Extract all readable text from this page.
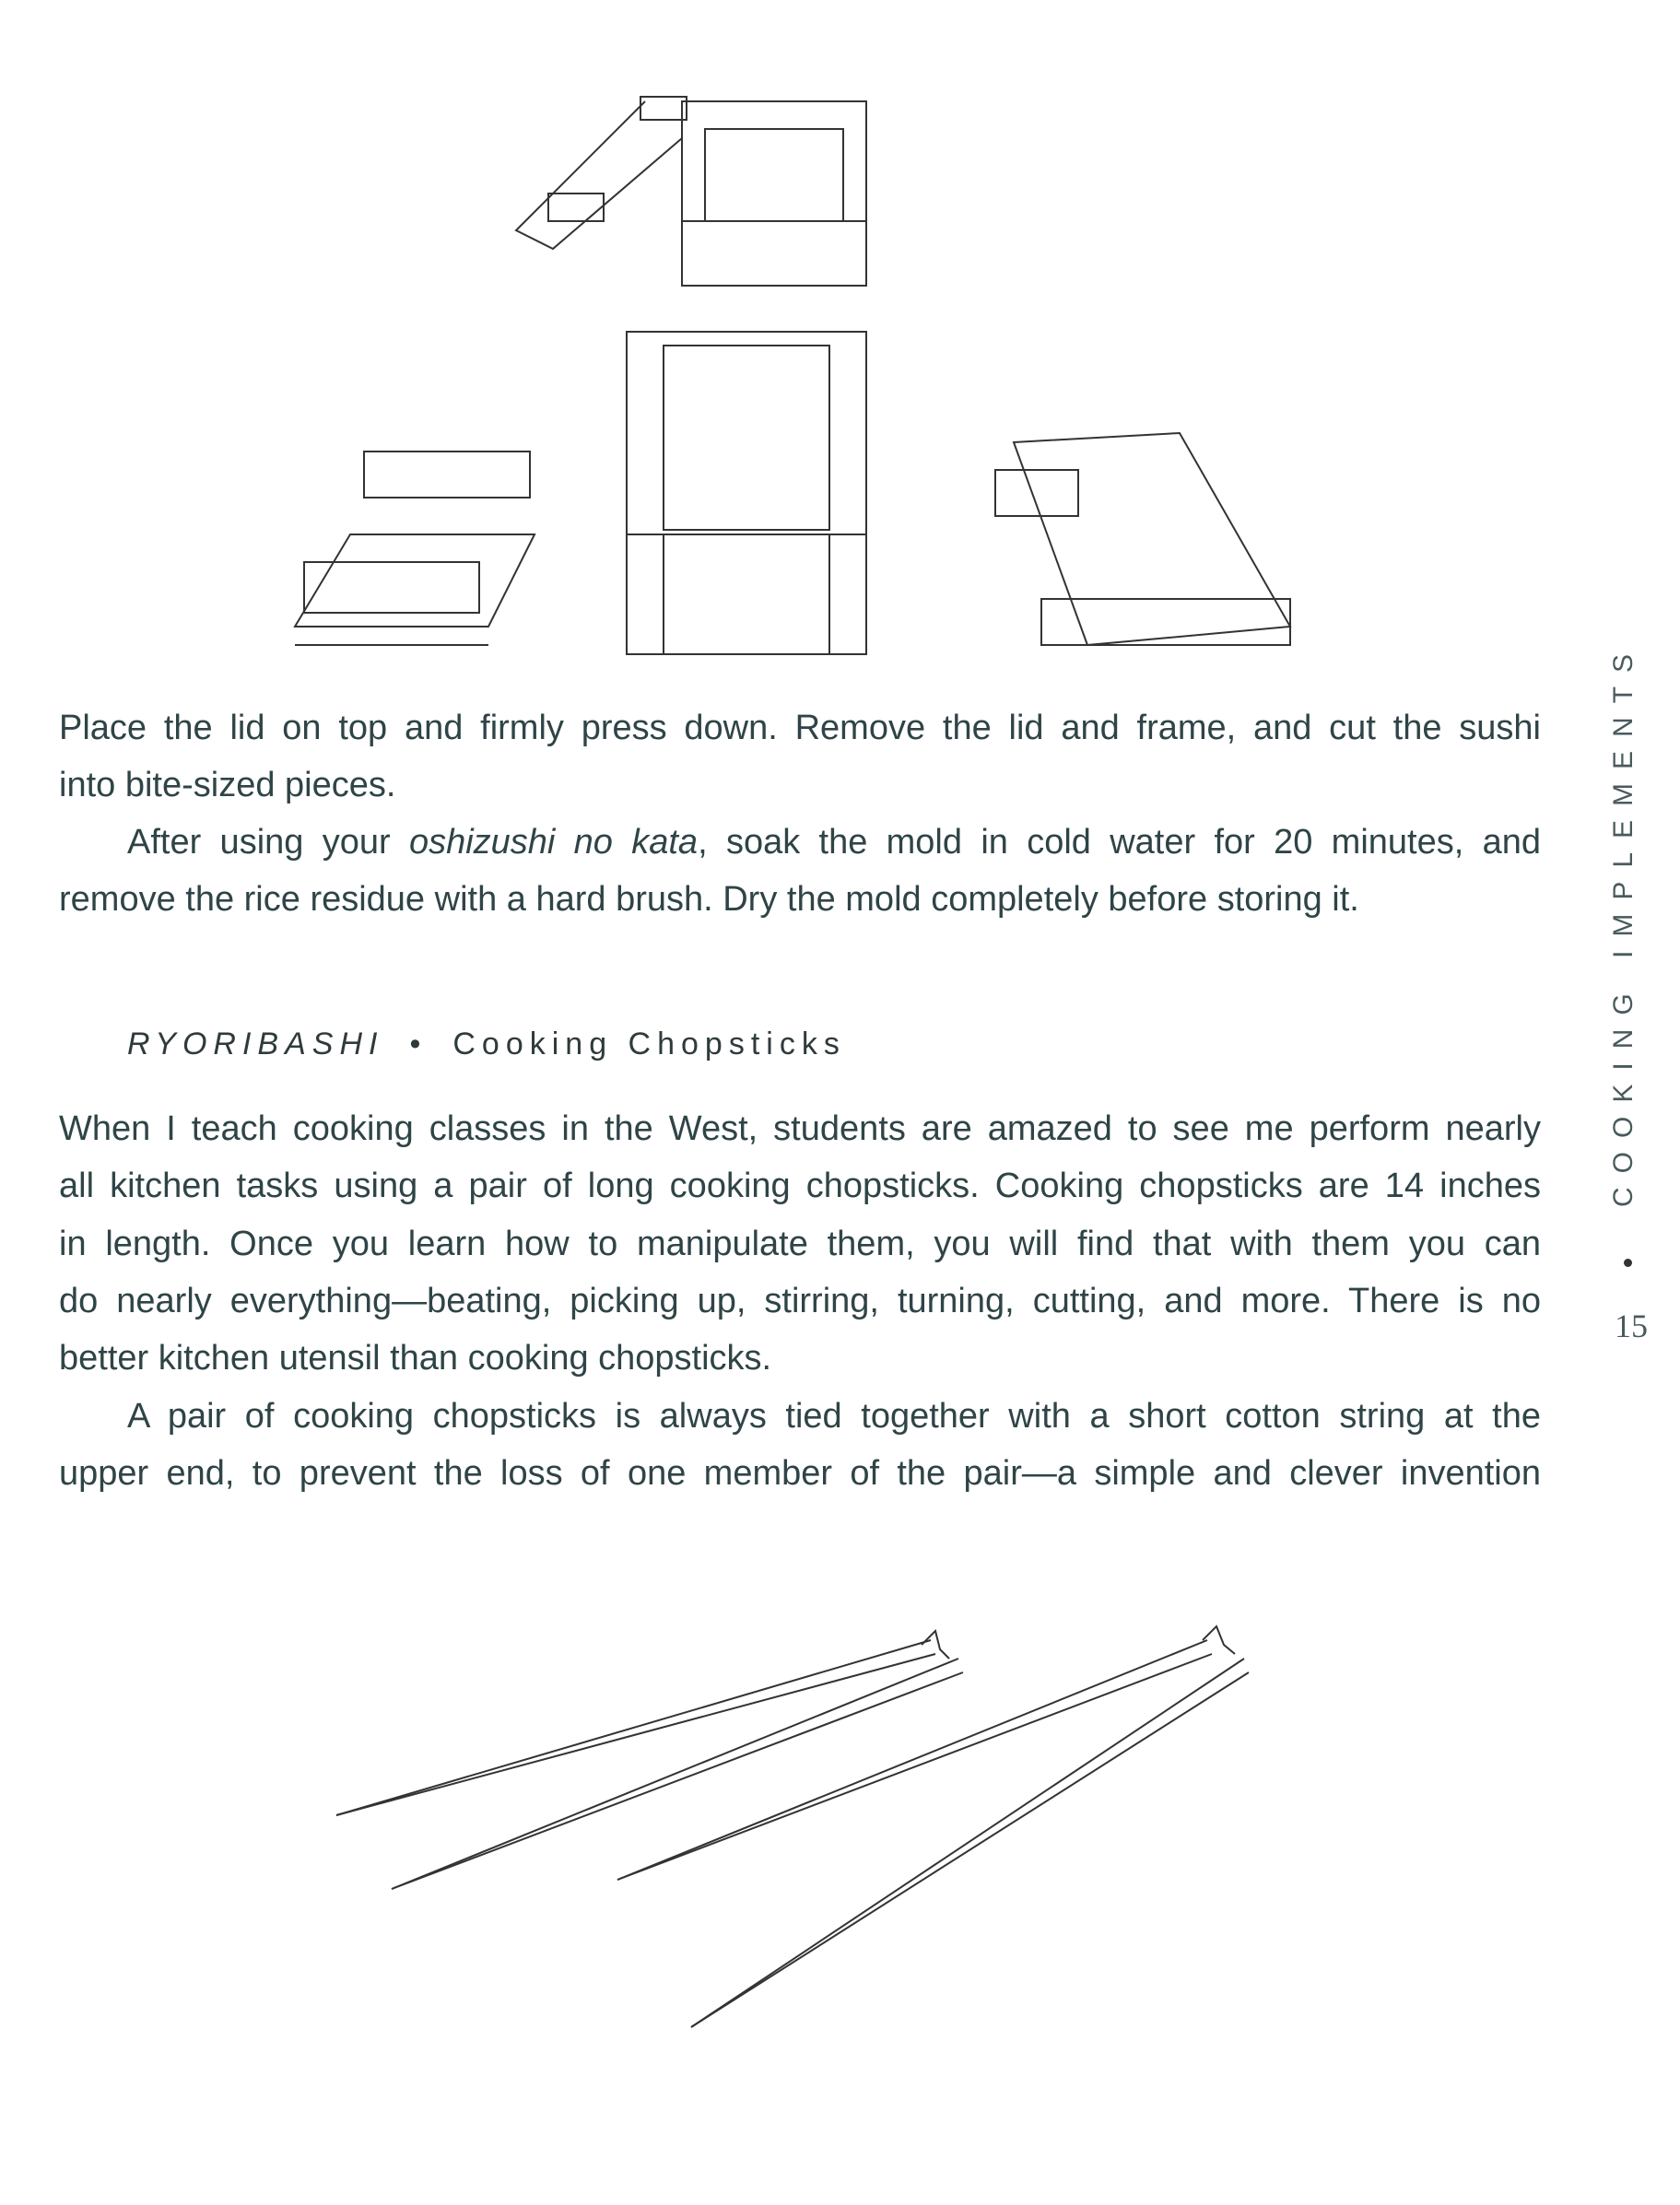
Place the lid on top and firmly press down. Remove the lid and frame, and cut the sushi
into bite-sized pieces.
After using your oshizushi no kata, soak the mold in cold water for 20 minutes, and
remove the rice residue with a hard brush. Dry the mold completely before storing it.
RYORIBASHI • Cooking Chopsticks
When I teach cooking classes in the West, students are amazed to see me perform nearly
all kitchen tasks using a pair of long cooking chopsticks. Cooking chopsticks are 14 inches
in length. Once you learn how to manipulate them, you will find that with them you can
do nearly everything—beating, picking up, stirring, turning, cutting, and more. There is no
better kitchen utensil than cooking chopsticks.
A pair of cooking chopsticks is always tied together with a short cotton string at the
upper end, to prevent the loss of one member of the pair—a simple and clever invention
COOKING IMPLEMENTS
15
